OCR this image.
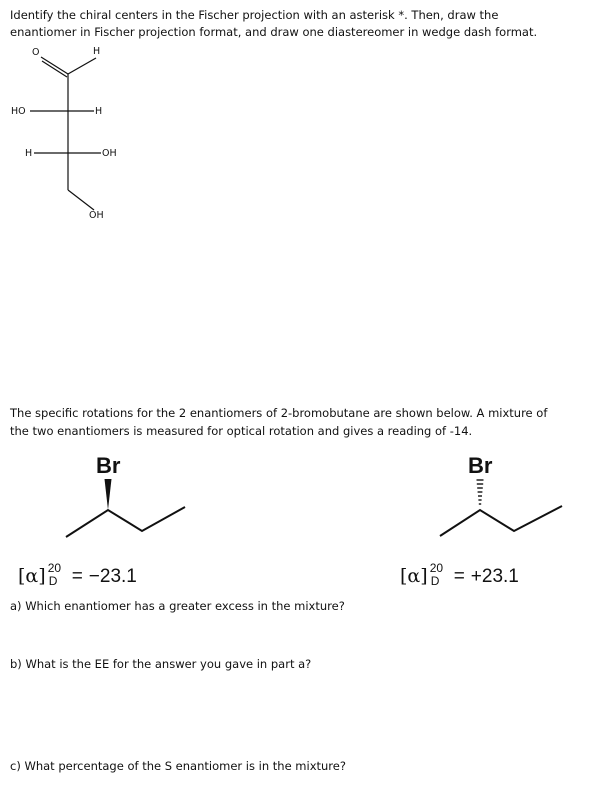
Identify the chiral centers in the Fischer projection with an asterisk *. Then, draw the
enantiomer in Fischer projection format, and draw one diastereomer in wedge dash format.
O	H
HO	H
H	OH
OH
The specific rotations for the 2 enantiomers of 2-bromobutane are shown below. A mixture of
the two enantiomers is measured for optical rotation and gives a reading of -14.
Br	Br
[α] 20
D = −23.1	[α] 20
D = +23.1
a) Which enantiomer has a greater excess in the mixture?
b) What is the EE for the answer you gave in part a?
c) What percentage of the S enantiomer is in the mixture?
